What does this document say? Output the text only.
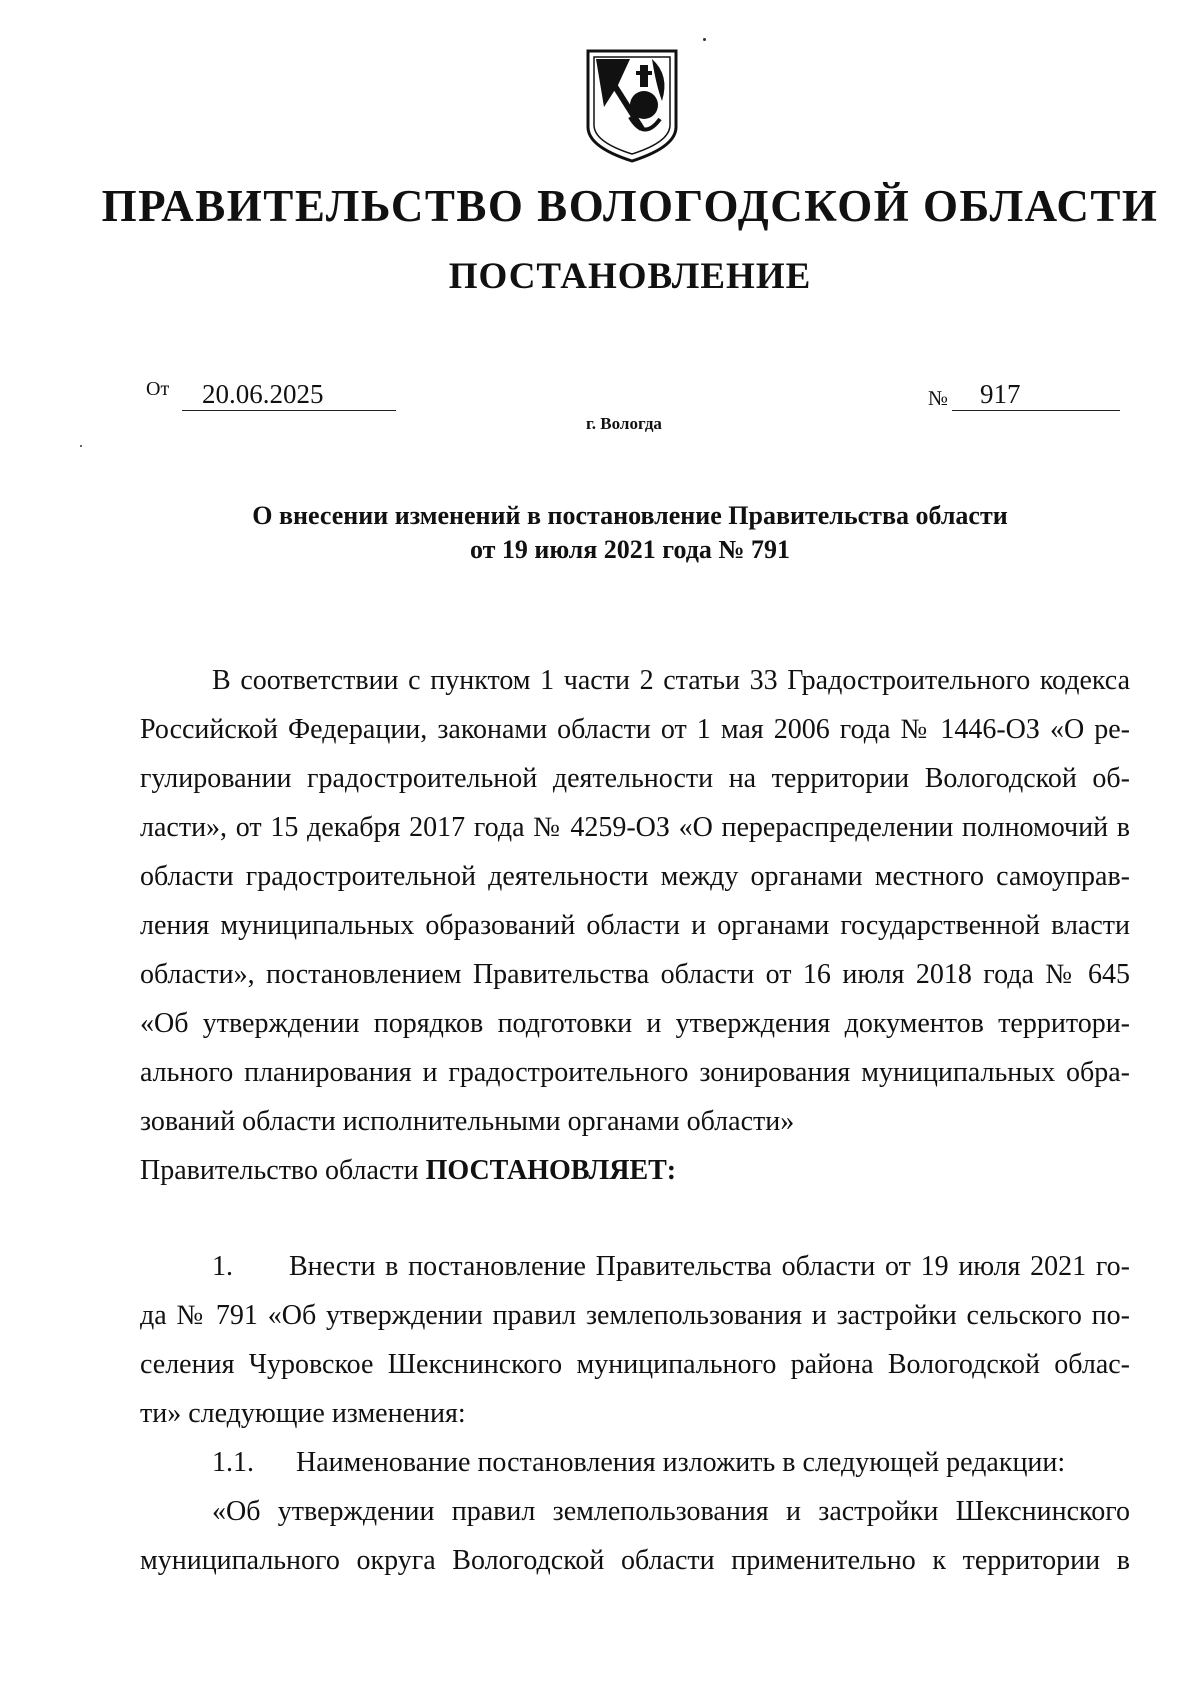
ПРАВИТЕЛЬСТВО ВОЛОГОДСКОЙ ОБЛАСТИ
ПОСТАНОВЛЕНИЕ
От	20.06.2025	№	917
г. Вологда
О внесении изменений в постановление Правительства области
от 19 июля 2021 года № 791
В соответствии с пунктом 1 части 2 статьи 33 Градостроительного кодекса
Российской Федерации, законами области от 1 мая 2006 года № 1446-ОЗ «О ре-
гулировании градостроительной деятельности на территории Вологодской об-
ласти», от 15 декабря 2017 года № 4259-ОЗ «О перераспределении полномочий в
области градостроительной деятельности между органами местного самоуправ-
ления муниципальных образований области и органами государственной власти
области», постановлением Правительства области от 16 июля 2018 года № 645
«Об утверждении порядков подготовки и утверждения документов территори-
ального планирования и градостроительного зонирования муниципальных обра-
зований области исполнительными органами области»
Правительство области ПОСТАНОВЛЯЕТ:
1. Внести в постановление Правительства области от 19 июля 2021 го-
да № 791 «Об утверждении правил землепользования и застройки сельского по-
селения Чуровское Шекснинского муниципального района Вологодской облас-
ти» следующие изменения:
1.1. Наименование постановления изложить в следующей редакции:
«Об утверждении правил землепользования и застройки Шекснинского
муниципального округа Вологодской области применительно к территории в
